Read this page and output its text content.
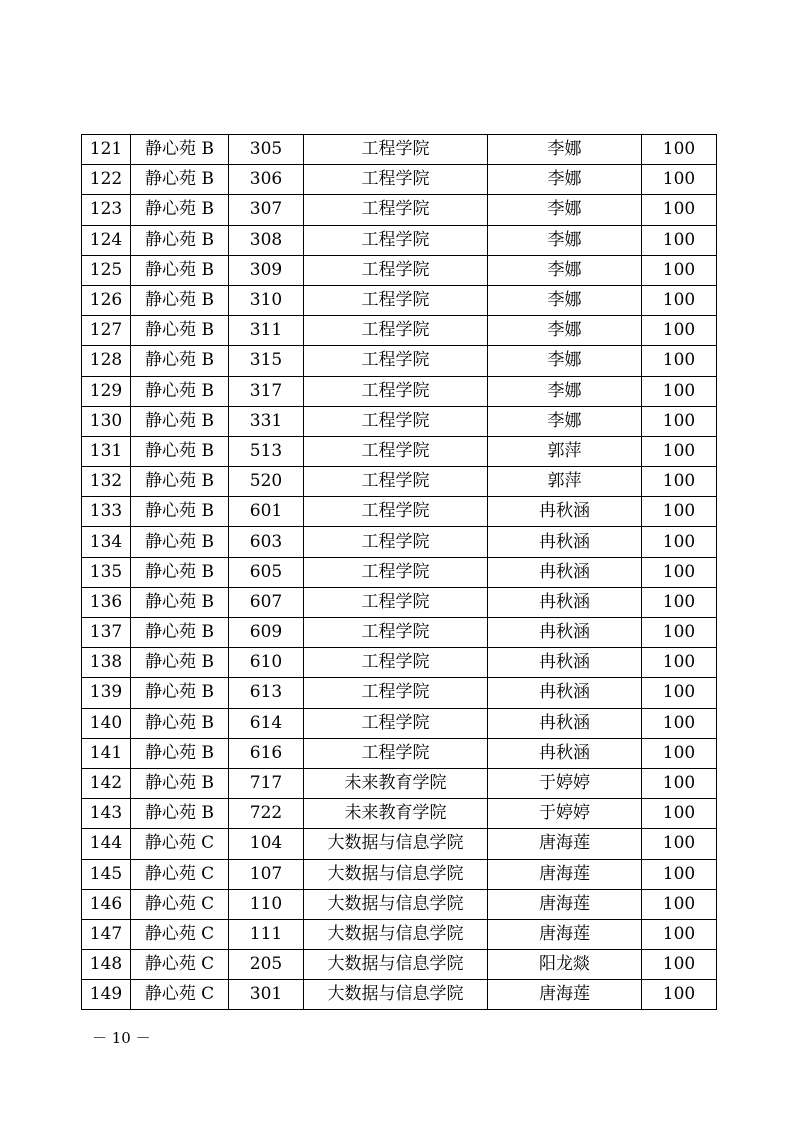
121	静心苑 B	305	工程学院	李娜	100
122	静心苑 B	306	工程学院	李娜	100
123	静心苑 B	307	工程学院	李娜	100
124	静心苑 B	308	工程学院	李娜	100
125	静心苑 B	309	工程学院	李娜	100
126	静心苑 B	310	工程学院	李娜	100
127	静心苑 B	311	工程学院	李娜	100
128	静心苑 B	315	工程学院	李娜	100
129	静心苑 B	317	工程学院	李娜	100
130	静心苑 B	331	工程学院	李娜	100
131	静心苑 B	513	工程学院	郭萍	100
132	静心苑 B	520	工程学院	郭萍	100
133	静心苑 B	601	工程学院	冉秋涵	100
134	静心苑 B	603	工程学院	冉秋涵	100
135	静心苑 B	605	工程学院	冉秋涵	100
136	静心苑 B	607	工程学院	冉秋涵	100
137	静心苑 B	609	工程学院	冉秋涵	100
138	静心苑 B	610	工程学院	冉秋涵	100
139	静心苑 B	613	工程学院	冉秋涵	100
140	静心苑 B	614	工程学院	冉秋涵	100
141	静心苑 B	616	工程学院	冉秋涵	100
142	静心苑 B	717	未来教育学院	于婷婷	100
143	静心苑 B	722	未来教育学院	于婷婷	100
144	静心苑 C	104	大数据与信息学院	唐海莲	100
145	静心苑 C	107	大数据与信息学院	唐海莲	100
146	静心苑 C	110	大数据与信息学院	唐海莲	100
147	静心苑 C	111	大数据与信息学院	唐海莲	100
148	静心苑 C	205	大数据与信息学院	阳龙燚	100
149	静心苑 C	301	大数据与信息学院	唐海莲	100
－ 10 －
